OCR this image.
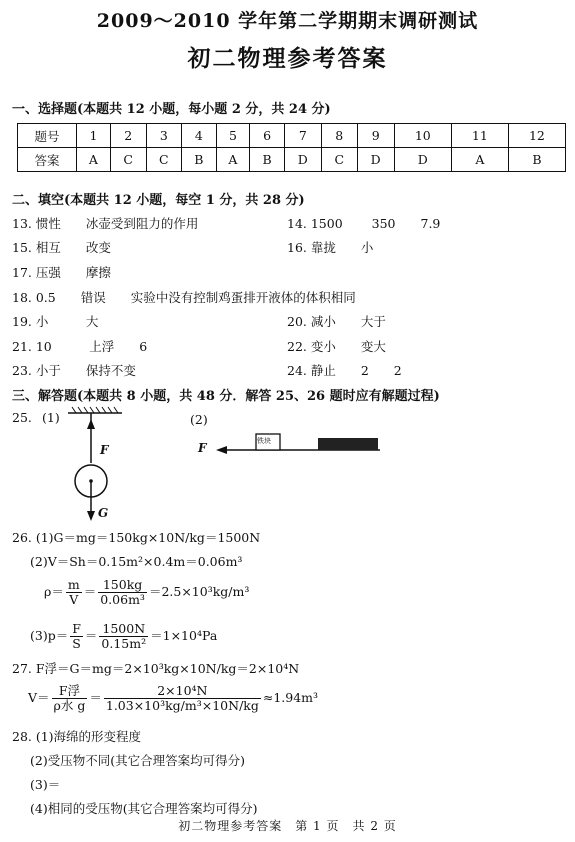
2009～2010 学年第二学期期末调研测试
初二物理参考答案
一、选择题(本题共 12 小题，每小题 2 分，共 24 分)
题号	1	2	3	4	5	6	7	8	9	10	11	12
答案	A	C	C	B	A	B	D	C	D	D	A	B
二、填空(本题共 12 小题，每空 1 分，共 28 分)
13. 惯性　　冰壶受到阻力的作用	14. 1500　　 350　　7.9
15. 相互　　改变	16. 靠拢　　小
17. 压强　　摩擦
18. 0.5　　错误　　实验中没有控制鸡蛋排开液体的体积相同
19. 小　　　大	20. 减小　　大于
21. 10　　　上浮　　6	22. 变小　　变大
23. 小于　　保持不变	24. 静止　　2　　2
三、解答题(本题共 8 小题，共 48 分．解答 25、26 题时应有解题过程)
25. (1)	(2)
F
G
F	铁块
26. (1)G＝mg＝150kg×10N/kg＝1500N
(2)V＝Sh＝0.15m²×0.4m＝0.06m³
$\rho= \frac{m}{V} = \frac{150kg}{\text{0.06m³}} =2.5\times 10^3kg/m^3$
$(3)p= \frac{F}{S} = \frac{1500N}{\text{0.15m²}} =1\times 10^4Pa$
27. F浮＝G＝mg＝2×10³kg×10N/kg＝2×10⁴N
$V= \frac{\text{F浮}}{\text{ρ水 g}} = \frac{\text{2×10⁴N}}{\text{1.03×10³kg/m³×10N/kg}} \approx 1.94m^3$
28. (1)海绵的形变程度
(2)受压物不同(其它合理答案均可得分)
(3)＝
(4)相同的受压物(其它合理答案均可得分)
初二物理参考答案　第 1 页　共 2 页
